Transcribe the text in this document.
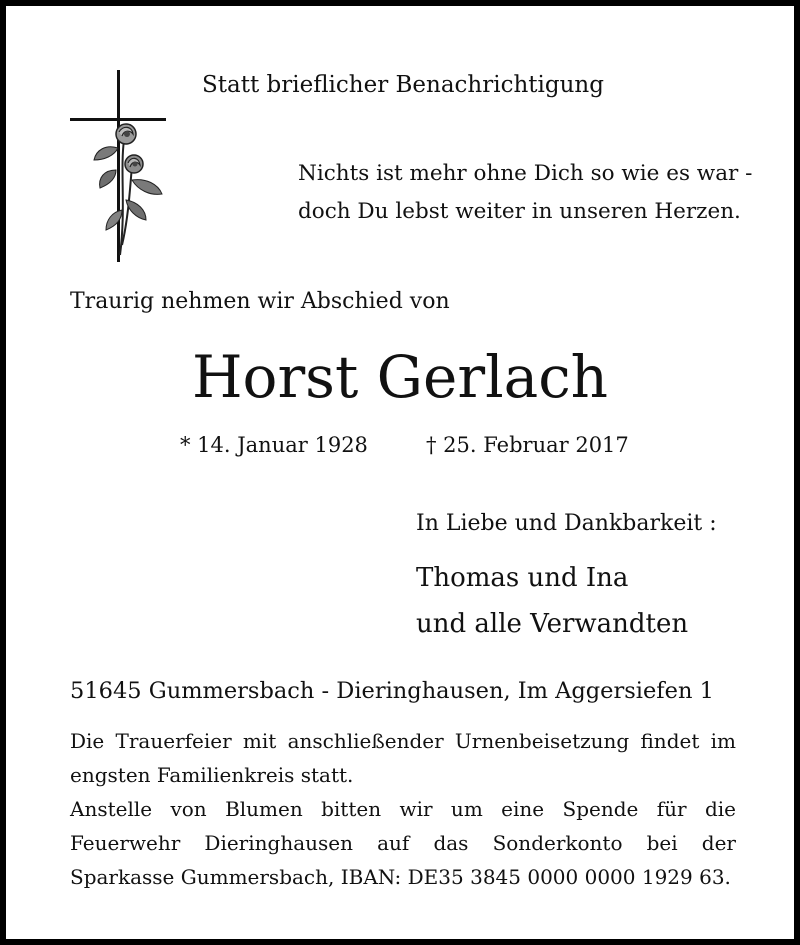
Statt brieflicher Benachrichtigung
Nichts ist mehr ohne Dich so wie es war -
doch Du lebst weiter in unseren Herzen.
Traurig nehmen wir Abschied von
Horst Gerlach
* 14. Januar 1928	† 25. Februar 2017
In Liebe und Dankbarkeit :
Thomas und Ina
und alle Verwandten
51645 Gummersbach - Dieringhausen, Im Aggersiefen 1
Die Trauerfeier mit anschließender Urnenbeisetzung findet im engsten Familienkreis statt.
Anstelle von Blumen bitten wir um eine Spende für die Feuerwehr Dieringhausen auf das Sonderkonto bei der Sparkasse Gummersbach, IBAN: DE35 3845 0000 0000 1929 63.
